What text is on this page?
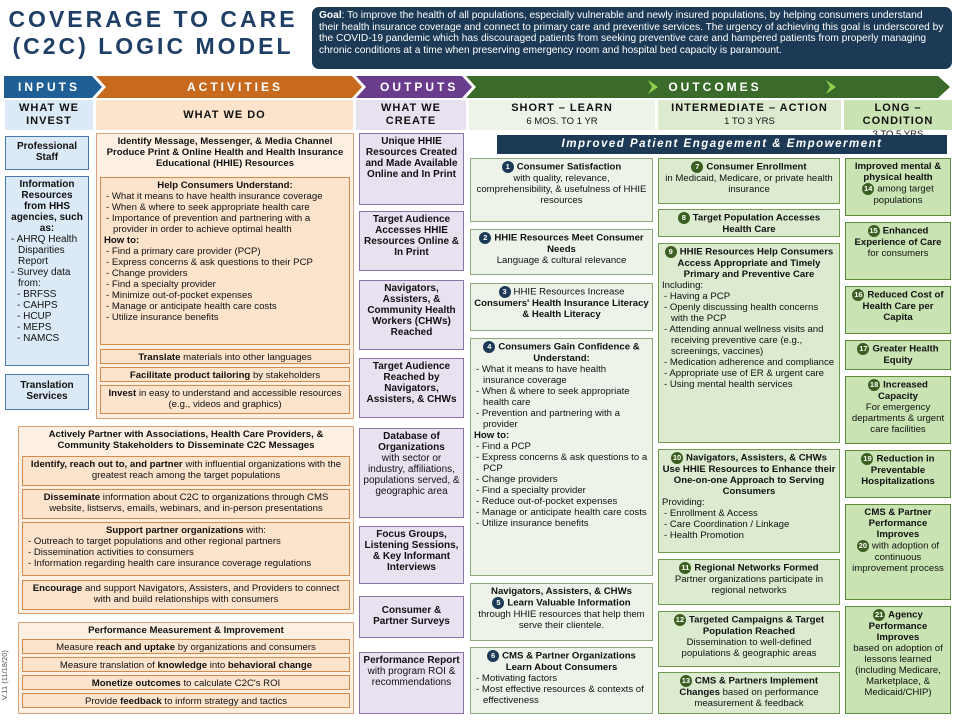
COVERAGE TO CARE
(C2C) LOGIC MODEL
Goal: To improve the health of all populations, especially vulnerable and newly insured populations, by helping consumers understand their health insurance coverage and connect to primary care and preventive services. The urgency of achieving this goal is underscored by the COVID-19 pandemic which has discouraged patients from seeking preventive care and hampered patients from properly managing chronic conditions at a time when preserving emergency room and hospital bed capacity is paramount.
INPUTS	ACTIVITIES	OUTPUTS	OUTCOMES
WHAT WE INVEST	WHAT WE DO
WHAT WE CREATE
SHORT – LEARN
6 MOS. TO 1 YR
INTERMEDIATE – ACTION
1 TO 3 YRS
LONG – CONDITION
Improved Patient Engagement & Empowerment
Professional Staff
Information Resources from HHS agencies, such as:
- AHRQ Health Disparities Report
- Survey data from:
- BRFSS
- CAHPS
- HCUP
- MEPS
- NAMCS
Translation Services
Identify Message, Messenger, & Media Channel Produce Print & Online Health and Health Insurance Educational (HHIE) Resources
Help Consumers Understand:
- What it means to have health insurance coverage
- When & where to seek appropriate health care
- Importance of prevention and partnering with a provider in order to achieve optimal health
How to:
- Find a primary care provider (PCP)
- Express concerns & ask questions to their PCP
- Change providers
- Find a specialty provider
- Minimize out-of-pocket expenses
- Manage or anticipate health care costs
- Utilize insurance benefits
Translate materials into other languages
Facilitate product tailoring by stakeholders
Invest in easy to understand and accessible resources (e.g., videos and graphics)
Actively Partner with Associations, Health Care Providers, & Community Stakeholders to Disseminate C2C Messages
Identify, reach out to, and partner with influential organizations with the greatest reach among the target populations
Disseminate information about C2C to organizations through CMS website, listservs, emails, webinars, and in-person presentations
Support partner organizations with:
- Outreach to target populations and other regional partners
- Dissemination activities to consumers
- Information regarding health care insurance coverage regulations
Encourage and support Navigators, Assisters, and Providers to connect with and build relationships with consumers
Performance Measurement & Improvement
Measure reach and uptake by organizations and consumers
Measure translation of knowledge into behavioral change
Monetize outcomes to calculate C2C's ROI
Provide feedback to inform strategy and tactics
V.11 (11/18/20)
Unique HHIE Resources Created and Made Available Online and In Print
Target Audience Accesses HHIE Resources Online & In Print
Navigators, Assisters, & Community Health Workers (CHWs) Reached
Target Audience Reached by Navigators, Assisters, & CHWs
Database of Organizations
with sector or industry, affiliations, populations served, & geographic area
Focus Groups, Listening Sessions, & Key Informant Interviews
Consumer & Partner Surveys
Performance Report
with program ROI & recommendations
1 Consumer Satisfaction
with quality, relevance, comprehensibility, & usefulness of HHIE resources
2 HHIE Resources Meet Consumer Needs
Language & cultural relevance
3 HHIE Resources Increase Consumers' Health Insurance Literacy & Health Literacy
4 Consumers Gain Confidence & Understand:
- What it means to have health insurance coverage
- When & where to seek appropriate health care
- Prevention and partnering with a provider
How to:
- Find a PCP
- Express concerns & ask questions to a PCP
- Change providers
- Find a specialty provider
- Reduce out-of-pocket expenses
- Manage or anticipate health care costs
- Utilize insurance benefits
Navigators, Assisters, & CHWs
5 Learn Valuable Information
through HHIE resources that help them serve their clientele.
6 CMS & Partner Organizations Learn About Consumers
- Motivating factors
- Most effective resources & contexts of effectiveness
7 Consumer Enrollment
in Medicaid, Medicare, or private health insurance
8 Target Population Accesses Health Care
9 HHIE Resources Help Consumers Access Appropriate and Timely Primary and Preventive Care
Including:
- Having a PCP
- Openly discussing health concerns with the PCP
- Attending annual wellness visits and receiving preventive care (e.g., screenings, vaccines)
- Medication adherence and compliance
- Appropriate use of ER & urgent care
- Using mental health services
10 Navigators, Assisters, & CHWs Use HHIE Resources to Enhance their One-on-one Approach to Serving Consumers
Providing:
- Enrollment & Access
- Care Coordination / Linkage
- Health Promotion
11 Regional Networks Formed
Partner organizations participate in regional networks
12 Targeted Campaigns & Target Population Reached
Dissemination to well-defined populations & geographic areas
13 CMS & Partners Implement Changes based on performance measurement & feedback
Improved mental & physical health
14 among target populations
15 Enhanced Experience of Care
for consumers
16 Reduced Cost of Health Care per Capita
17 Greater Health Equity
18 Increased Capacity
For emergency departments & urgent care facilities
19 Reduction in Preventable Hospitalizations
CMS & Partner Performance Improves
20 with adoption of continuous improvement process
21 Agency Performance Improves
based on adoption of lessons learned (including Medicare, Marketplace, & Medicaid/CHIP)
